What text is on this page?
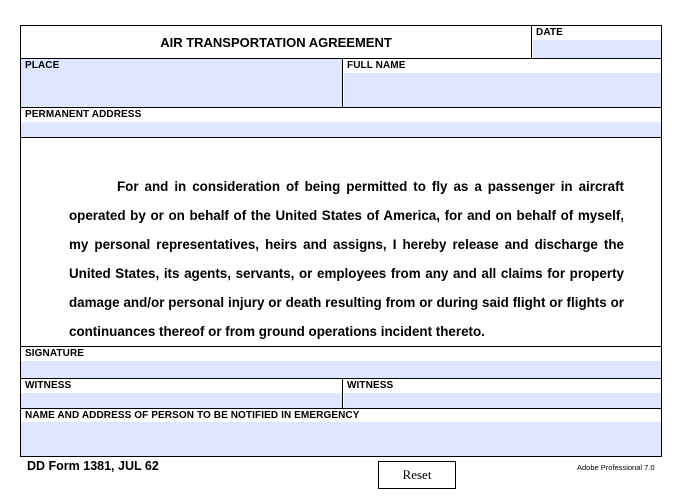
AIR TRANSPORTATION AGREEMENT
DATE
PLACE	FULL NAME
PERMANENT ADDRESS
SIGNATURE
WITNESS	WITNESS
NAME AND ADDRESS OF PERSON TO BE NOTIFIED IN EMERGENCY
For and in consideration of being permitted to fly as a passenger in aircraft operated by or on behalf of the United States of America, for and on behalf of myself, my personal representatives, heirs and assigns, I hereby release and discharge the United States, its agents, servants, or employees from any and all claims for property damage and/or personal injury or death resulting from or during said flight or flights or continuances thereof or from ground operations incident thereto.
DD Form 1381, JUL 62
Reset	Adobe Professional 7.0
